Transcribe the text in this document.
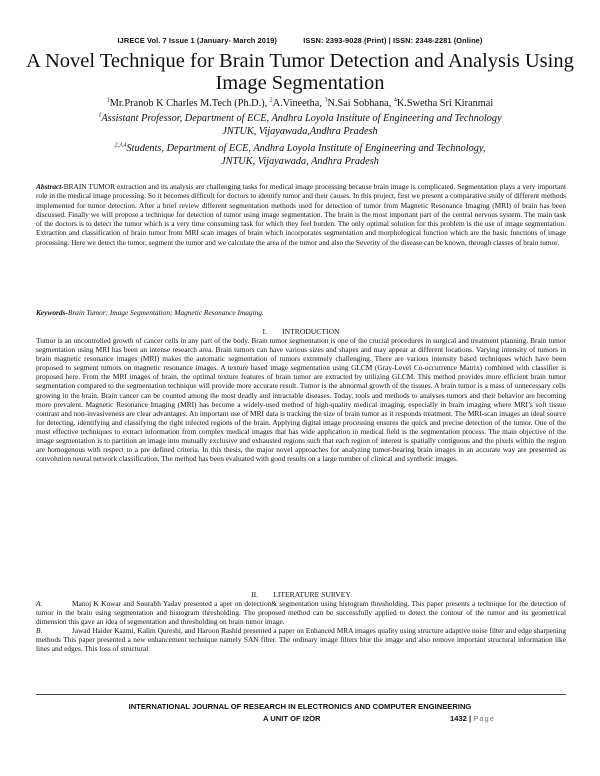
IJRECE Vol. 7 Issue 1 (January- March 2019)	ISSN: 2393-9028 (Print) | ISSN: 2348-2281 (Online)
A Novel Technique for Brain Tumor Detection and Analysis Using Image Segmentation
$^1$Mr.Pranob K Charles M.Tech (Ph.D.), $^2$A.Vineetha, $^3$N.Sai Sobhana, $^4$K.Swetha Sri Kiranmai
$^1$Assistant Professor, Department of ECE, Andhra Loyola Institute of Engineering and Technology
JNTUK, Vijayawada,Andhra Pradesh
$^{2,3,4}$Students, Department of ECE, Andhra Loyola Institute of Engineering and Technology,
JNTUK, Vijayawada, Andhra Pradesh
Abstract-BRAIN TUMOR extraction and its analysis are challenging tasks for medical image processing because brain image is complicated. Segmentation plays a very important role in the medical image processing. So it becomes difficult for doctors to identify tumor and their causes. In this project, first we present a comparative study of different methods implemented for tumor detection. After a brief review different segmentation methods used for detection of tumor from Magnetic Resonance Imaging (MRI) of brain has been discussed. Finally we will propose a technique for detection of tumor using image segmentation. The brain is the most important part of the central nervous system. The main task of the doctors is to detect the tumor which is a very time consuming task for which they feel burden. The only optimal solution for this problem is the use of image segmentation. Extraction and classification of brain tumor from MRI scan images of brain which incorporates segmentation and morphological function which are the basic functions of image processing. Here we detect the tumor, segment the tumor and we calculate the area of the tumor and also the Severity of the disease can be known, through classes of brain tumor.
Keywords-Brain Tumor; Image Segmentation; Magnetic Resonance Imaging.
I.        INTRODUCTION
Tumor is an uncontrolled growth of cancer cells in any part of the body. Brain tumor segmentation is one of the crucial procedures in surgical and treatment planning. Brain tumor segmentation using MRI has been an intense research area. Brain tumors can have various sizes and shapes and may appear at different locations. Varying intensity of tumors in brain magnetic resonance images (MRI) makes the automatic segmentation of tumors extremely challenging. There are various intensity based techniques which have been proposed to segment tumors on magnetic resonance images. A texture based image segmentation using GLCM (Gray-Level Co-occurrence Matrix) combined with classifier is proposed here. From the MRI images of brain, the optimal texture features of brain tumor are extracted by utilizing GLCM. This method provides more efficient brain tumor segmentation compared to the segmentation technique will provide more accurate result. Tumor is the abnormal growth of the tissues. A brain tumor is a mass of unnecessary cells growing in the brain. Brain cancer can be counted among the most deadly and intractable diseases. Today, tools and methods to analyses tumors and their behavior are becoming more prevalent. Magnetic Resonance Imaging (MRI) has become a widely-used method of high-quality medical imaging, especially in brain imaging where MRI’s soft tissue contrast and non-invasiveness are clear advantages. An important use of MRI data is tracking the size of brain tumor as it responds treatment. The MRI-scan images an ideal source for detecting, identifying and classifying the right infected regions of the brain. Applying digital image processing ensures the quick and precise detection of the tumor. One of the most effective techniques to extract information from complex medical images that has wide application in medical field is the segmentation process. The main objective of the image segmentation is to partition an image into mutually exclusive and exhausted regions such that each region of interest is spatially contiguous and the pixels within the region are homogenous with respect to a pre defined criteria. In this thesis, the major novel approaches for analyzing tumor-bearing brain images in an accurate way are presented as convolution neural network classification. The method has been evaluated with good results on a large number of clinical and synthetic images.
II.        LITERATURE SURVEY
A.	Manoj K Kowar and Sourabh Yadav presented a aper on detection& segmentation using histogram thresholding. This paper presents a technique for the detection of tumor in the brain using segmentation and histogram thresholding. The proposed method can be successfully applied to detect the contour of the tumor and its geometrical dimension this gave an idea of segmentation and thresholding on brain tumor image.
B.	Jawad Haider Kazmi, Kalim Qureshi, and Haroon Rashid presented a paper on Enhanced MRA images quality using structure adaptive noise filter and edge sharpening methods This paper presented a new enhancement technique namely SAN filter. The ordinary image filters blur the image and also remove important structural information like lines and edges. This loss of structural
INTERNATIONAL JOURNAL OF RESEARCH IN ELECTRONICS AND COMPUTER ENGINEERING
A UNIT OF I2OR	1432 | Page
